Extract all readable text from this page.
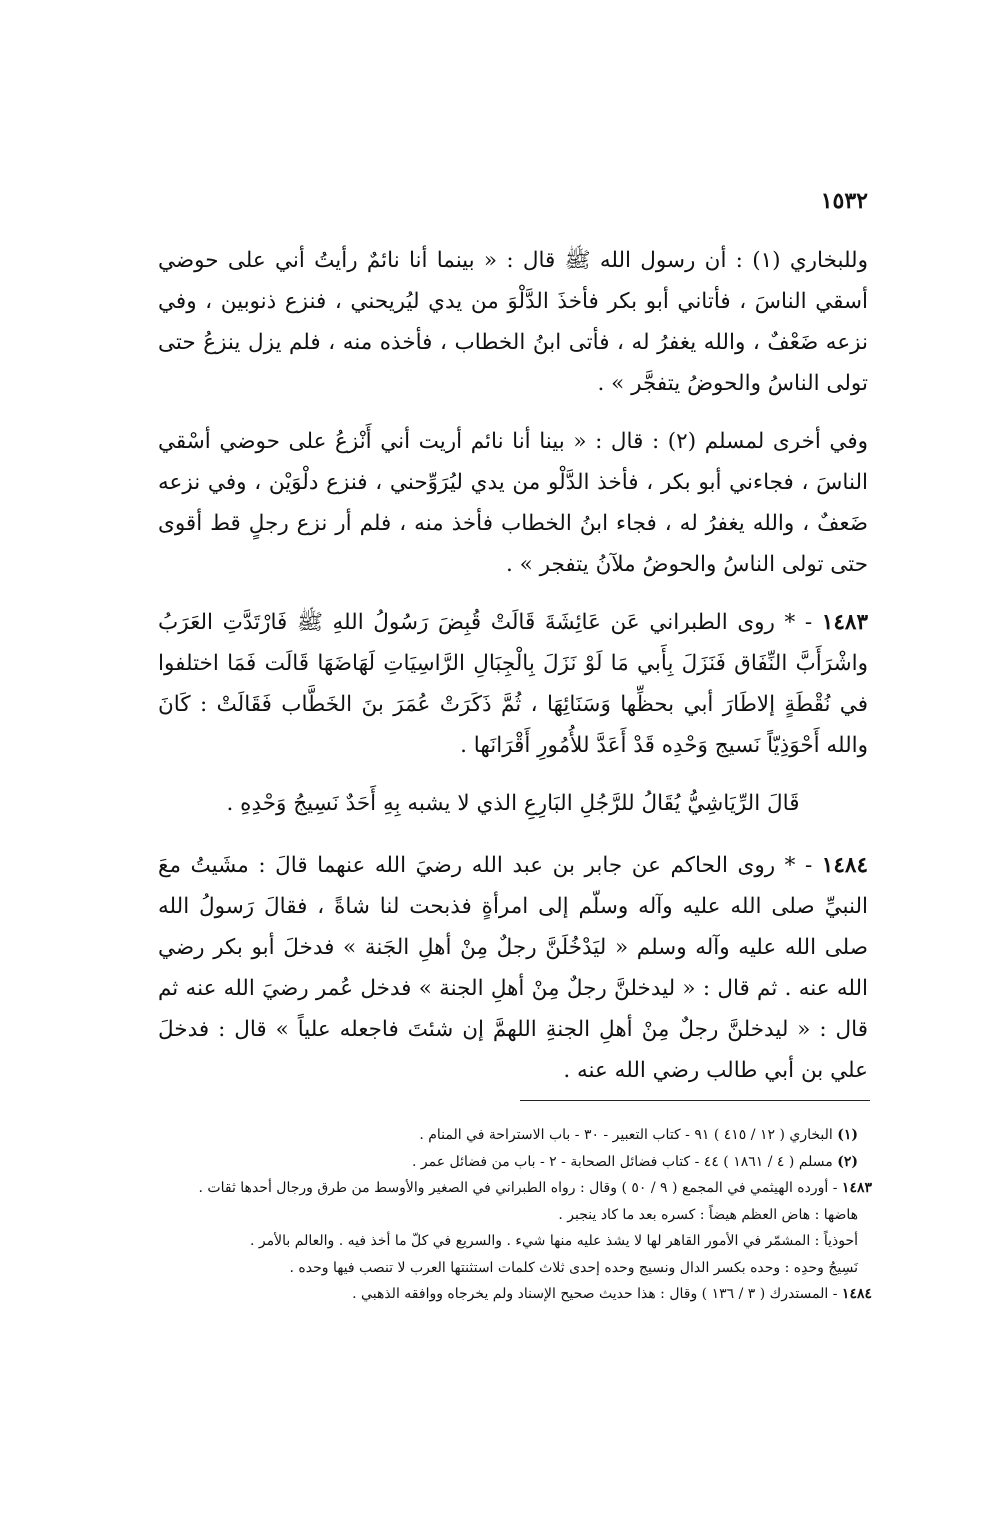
١٥٣٢

وللبخاري (١) : أن رسول الله ﷺ قال : « بينما أنا نائمٌ رأيتُ أني على حوضي أسقي الناسَ ، فأتاني أبو بكر فأخذَ الدَّلْوَ من يدي ليُريحني ، فنزع ذنوبين ، وفي نزعه ضَعْفٌ ، والله يغفرُ له ، فأتى ابنُ الخطاب ، فأخذه منه ، فلم يزل ينزعُ حتى تولى الناسُ والحوضُ يتفجَّر » .

وفي أخرى لمسلم (٢) : قال : « بينا أنا نائم أريت أني أَنْزعُ على حوضي أسْقي الناسَ ، فجاءني أبو بكر ، فأخذ الدَّلْو من يدي ليُرَوِّحني ، فنزع دلْوَيْن ، وفي نزعه ضَعفٌ ، والله يغفرُ له ، فجاء ابنُ الخطاب فأخذ منه ، فلم أر نزع رجلٍ قط أقوى حتى تولى الناسُ والحوضُ ملآنُ يتفجر » .

١٤٨٣ - * روى الطبراني عَن عَائِشَةَ قَالَتْ قُبِضَ رَسُولُ اللهِ ﷺ فَارْتَدَّتِ العَرَبُ واشْرَأَبَّ النِّفَاق فَنَزَلَ بِأَبي مَا لَوْ نَزَلَ بِالْجِبَالِ الرَّاسِيَاتِ لَهَاضَهَا قَالَت فَمَا اختلفوا في نُقْطَةٍ إلاطَارَ أبي بحظِّها وَسَنَائِهَا ، ثُمَّ ذَكَرَتْ عُمَرَ بنَ الخَطَّاب فَقَالَتْ : كَانَ والله أَحْوَذِيّاً نَسيج وَحْدِه قَدْ أَعَدَّ للأُمُورِ أَقْرَانَها .

قَالَ الرِّيَاشِيُّ يُقَالُ للرَّجُلِ البَارِعِ الذي لا يشبه بِهِ أَحَدٌ نَسِيجُ وَحْدِهِ .

١٤٨٤ - * روى الحاكم عن جابر بن عبد الله رضيَ الله عنهما قالَ : مشَيتُ معَ النبيِّ صلى الله عليه وآله وسلّم إلى امرأةٍ فذبحت لنا شاةً ، فقالَ رَسولُ الله صلى الله عليه وآله وسلم « ليَدْخُلَنَّ رجلٌ مِنْ أهلِ الجَنة » فدخلَ أبو بكر رضي الله عنه . ثم قال : « ليدخلنَّ رجلٌ مِنْ أهلِ الجنة » فدخل عُمر رضيَ الله عنه ثم قال : « ليدخلنَّ رجلٌ مِنْ أهلِ الجنةِ اللهمَّ إن شئتَ فاجعله علياً » قال : فدخلَ علي بن أبي طالب رضي الله عنه .

(١) البخاري ( ١٢ / ٤١٥ ) ٩١ - كتاب التعبير - ٣٠ - باب الاستراحة في المنام .

(٢) مسلم ( ٤ / ١٨٦١ ) ٤٤ - كتاب فضائل الصحابة - ٢ - باب من فضائل عمر .

١٤٨٣ - أورده الهيثمي في المجمع ( ٩ / ٥٠ ) وقال : رواه الطبراني في الصغير والأوسط من طرق ورجال أحدها ثقات .

هاضها : هاض العظم هيضاً : كسره بعد ما كاد ينجبر .

أحوذياً : المشمّر في الأمور القاهر لها لا يشذ عليه منها شيء . والسريع في كلّ ما أخذ فيه . والعالم بالأمر .

نَسِيجُ وحدِه : وحده بكسر الدال ونسيج وحده إحدى ثلاث كلمات استثنتها العرب لا تنصب فيها وحده .

١٤٨٤ - المستدرك ( ٣ / ١٣٦ ) وقال : هذا حديث صحيح الإسناد ولم يخرجاه ووافقه الذهبي .
